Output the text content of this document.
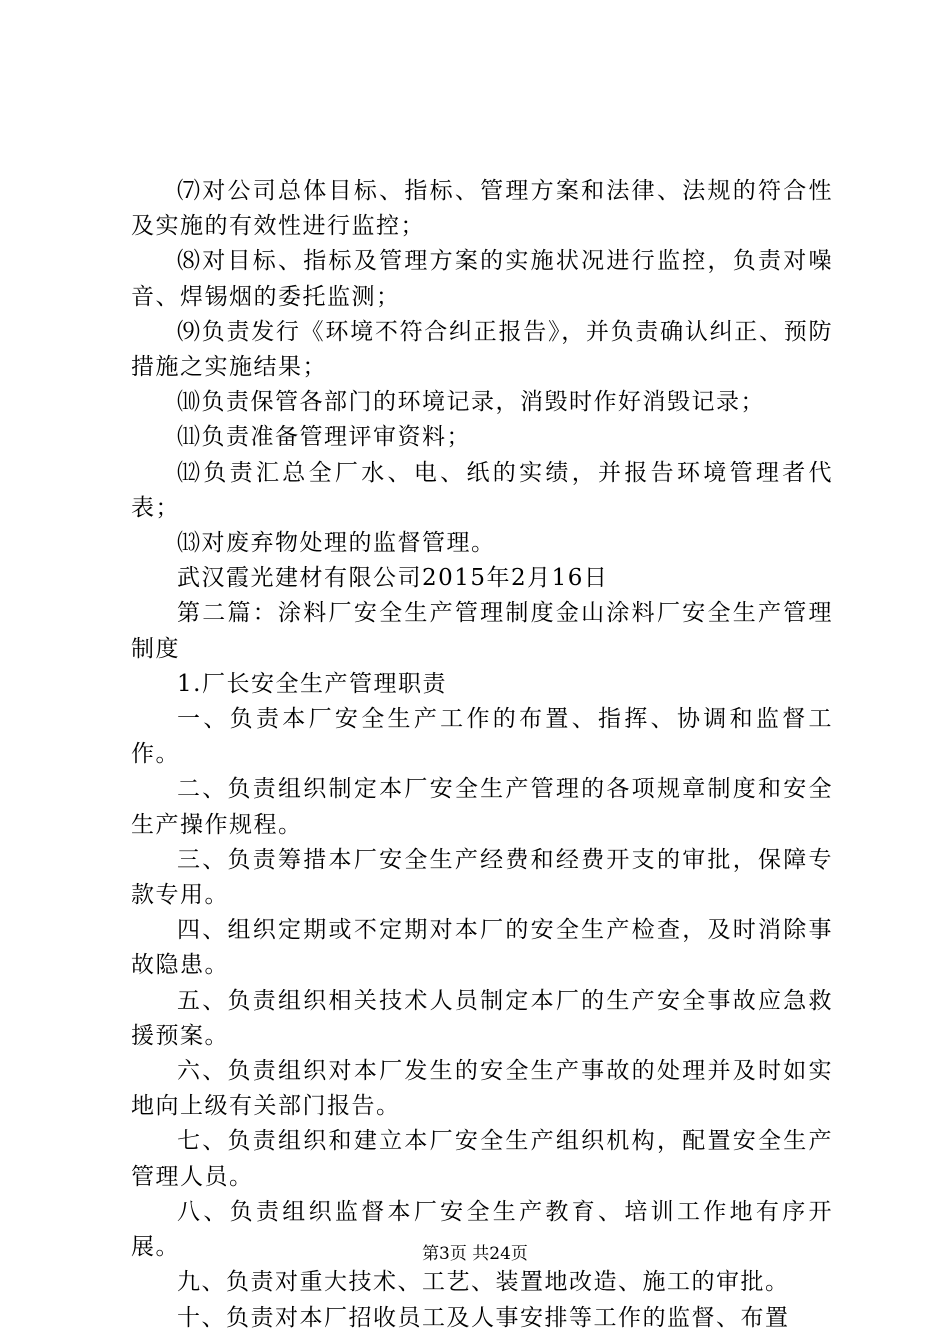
⑺对公司总体目标、指标、管理方案和法律、法规的符合性及实施的有效性进行监控；

⑻对目标、指标及管理方案的实施状况进行监控，负责对噪音、焊锡烟的委托监测；

⑼负责发行《环境不符合纠正报告》，并负责确认纠正、预防措施之实施结果；

⑽负责保管各部门的环境记录，消毁时作好消毁记录；

⑾负责准备管理评审资料；

⑿负责汇总全厂水、电、纸的实绩，并报告环境管理者代表；

⒀对废弃物处理的监督管理。

武汉霞光建材有限公司2015年2月16日

第二篇：涂料厂安全生产管理制度金山涂料厂安全生产管理制度

1.厂长安全生产管理职责

一、负责本厂安全生产工作的布置、指挥、协调和监督工作。

二、负责组织制定本厂安全生产管理的各项规章制度和安全生产操作规程。

三、负责筹措本厂安全生产经费和经费开支的审批，保障专款专用。

四、组织定期或不定期对本厂的安全生产检查，及时消除事故隐患。

五、负责组织相关技术人员制定本厂的生产安全事故应急救援预案。

六、负责组织对本厂发生的安全生产事故的处理并及时如实地向上级有关部门报告。

七、负责组织和建立本厂安全生产组织机构，配置安全生产管理人员。

八、负责组织监督本厂安全生产教育、培训工作地有序开展。

九、负责对重大技术、工艺、装置地改造、施工的审批。

十、负责对本厂招收员工及人事安排等工作的监督、布置

第3页 共24页
